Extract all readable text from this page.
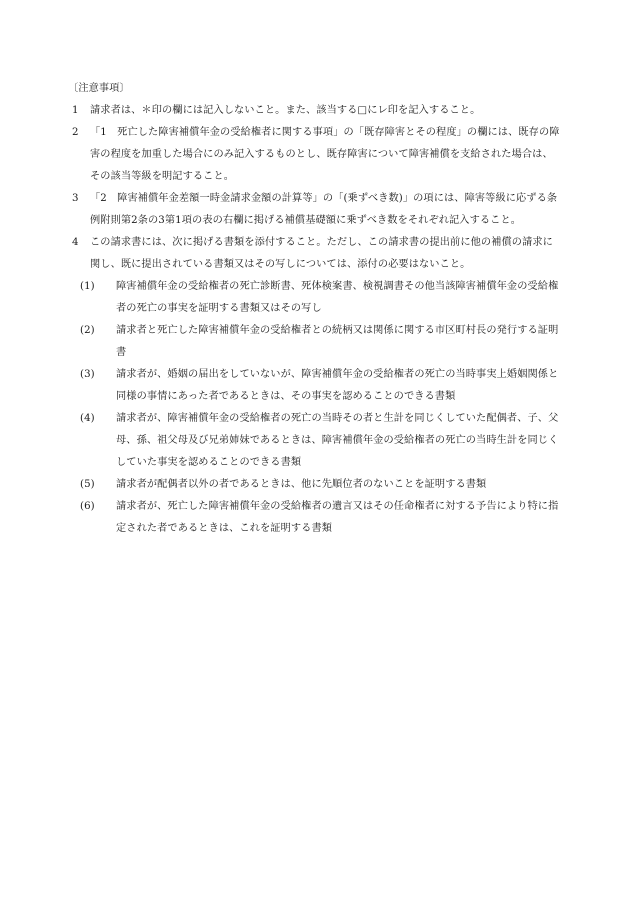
〔注意事項〕
1 請求者は、＊印の欄には記入しないこと。また、該当する□にレ印を記入すること。
2 「1　死亡した障害補償年金の受給権者に関する事項」の「既存障害とその程度」の欄には、既存の障害の程度を加重した場合にのみ記入するものとし、既存障害について障害補償を支給された場合は、その該当等級を明記すること。
3 「2　障害補償年金差額一時金請求金額の計算等」の「(乗ずべき数)」の項には、障害等級に応ずる条例附則第2条の3第1項の表の右欄に掲げる補償基礎額に乗ずべき数をそれぞれ記入すること。
4 この請求書には、次に掲げる書類を添付すること。ただし、この請求書の提出前に他の補償の請求に関し、既に提出されている書類又はその写しについては、添付の必要はないこと。
(1) 障害補償年金の受給権者の死亡診断書、死体検案書、検視調書その他当該障害補償年金の受給権者の死亡の事実を証明する書類又はその写し
(2) 請求者と死亡した障害補償年金の受給権者との続柄又は関係に関する市区町村長の発行する証明書
(3) 請求者が、婚姻の届出をしていないが、障害補償年金の受給権者の死亡の当時事実上婚姻関係と同様の事情にあった者であるときは、その事実を認めることのできる書類
(4) 請求者が、障害補償年金の受給権者の死亡の当時その者と生計を同じくしていた配偶者、子、父母、孫、祖父母及び兄弟姉妹であるときは、障害補償年金の受給権者の死亡の当時生計を同じくしていた事実を認めることのできる書類
(5) 請求者が配偶者以外の者であるときは、他に先順位者のないことを証明する書類
(6) 請求者が、死亡した障害補償年金の受給権者の遺言又はその任命権者に対する予告により特に指定された者であるときは、これを証明する書類
